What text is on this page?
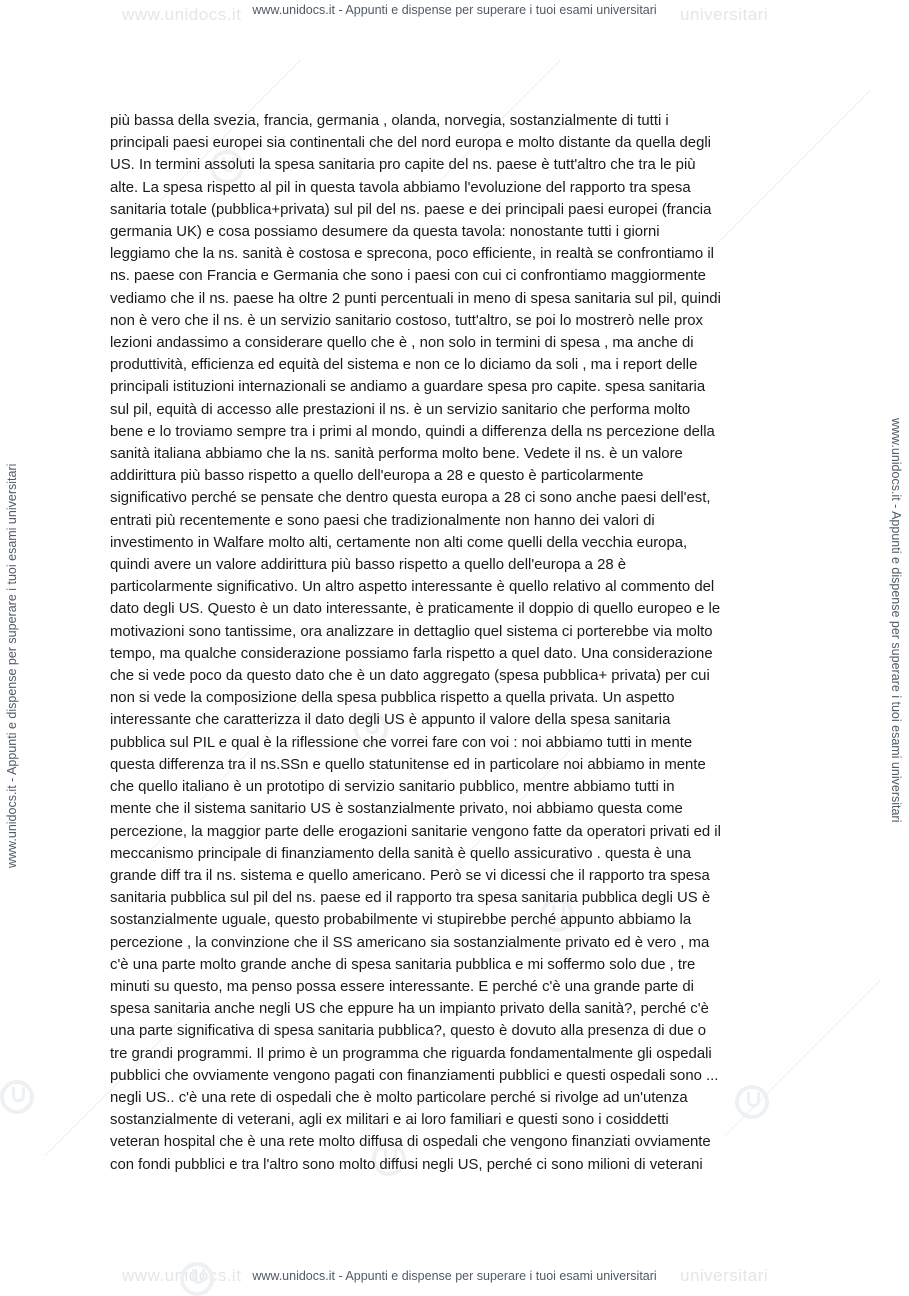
www.unidocs.it	universitari
www.unidocs.it	universitari
www.unidocs.it - Appunti e dispense per superare i tuoi esami universitari
www.unidocs.it - Appunti e dispense per superare i tuoi esami universitari
www.unidocs.it - Appunti e dispense per superare i tuoi esami universitari	www.unidocs.it - Appunti e dispense per superare i tuoi esami universitari

più bassa della svezia, francia, germania , olanda, norvegia, sostanzialmente di tutti i
principali paesi europei sia continentali che del nord europa e molto distante da quella degli
US. In termini assoluti la spesa sanitaria pro capite del ns. paese è tutt'altro che tra le più
alte. La spesa rispetto al pil in questa tavola abbiamo l'evoluzione del rapporto tra spesa
sanitaria totale (pubblica+privata) sul pil del ns. paese e dei principali paesi europei (francia
germania UK) e cosa possiamo desumere da questa tavola: nonostante tutti i giorni
leggiamo che la ns. sanità è costosa e sprecona, poco efficiente, in realtà se confrontiamo il
ns. paese con Francia e Germania che sono i paesi con cui ci confrontiamo maggiormente
vediamo che il ns. paese ha oltre 2 punti percentuali in meno di spesa sanitaria sul pil, quindi
non è vero che il ns. è un servizio sanitario costoso, tutt'altro, se poi lo mostrerò nelle prox
lezioni andassimo a considerare quello che è , non solo in termini di spesa , ma anche di
produttività, efficienza ed equità del sistema e non ce lo diciamo da soli , ma i report delle
principali istituzioni internazionali se andiamo a guardare spesa pro capite. spesa sanitaria
sul pil, equità di accesso alle prestazioni il ns. è un servizio sanitario che performa molto
bene e lo troviamo sempre tra i primi al mondo, quindi a differenza della ns percezione della
sanità italiana abbiamo che la ns. sanità performa molto bene. Vedete il ns. è un valore
addirittura più basso rispetto a quello dell'europa a 28 e questo è particolarmente
significativo perché se pensate che dentro questa europa a 28 ci sono anche paesi dell'est,
entrati più recentemente e sono paesi che tradizionalmente non hanno dei valori di
investimento in Walfare molto alti, certamente non alti come quelli della vecchia europa,
quindi avere un valore addirittura più basso rispetto a quello dell'europa a 28 è
particolarmente significativo. Un altro aspetto interessante è quello relativo al commento del
dato degli US. Questo è un dato interessante, è praticamente il doppio di quello europeo e le
motivazioni sono tantissime, ora analizzare in dettaglio quel sistema ci porterebbe via molto
tempo, ma qualche considerazione possiamo farla rispetto a quel dato. Una considerazione
che si vede poco da questo dato che è un dato aggregato (spesa pubblica+ privata) per cui
non si vede la composizione della spesa pubblica rispetto a quella privata. Un aspetto
interessante che caratterizza il dato degli US è appunto il valore della spesa sanitaria
pubblica sul PIL e qual è la riflessione che vorrei fare con voi : noi abbiamo tutti in mente
questa differenza tra il ns.SSn e quello statunitense ed in particolare noi abbiamo in mente
che quello italiano è un prototipo di servizio sanitario pubblico, mentre abbiamo tutti in
mente che il sistema sanitario US è sostanzialmente privato, noi abbiamo questa come
percezione, la maggior parte delle erogazioni sanitarie vengono fatte da operatori privati ed il
meccanismo principale di finanziamento della sanità è quello assicurativo . questa è una
grande diff tra il ns. sistema e quello americano. Però se vi dicessi che il rapporto tra spesa
sanitaria pubblica sul pil del ns. paese ed il rapporto tra spesa sanitaria pubblica degli US è
sostanzialmente uguale, questo probabilmente vi stupirebbe perché appunto abbiamo la
percezione , la convinzione che il SS americano sia sostanzialmente privato ed è vero , ma
c'è una parte molto grande anche di spesa sanitaria pubblica e mi soffermo solo due , tre
minuti su questo, ma penso possa essere interessante. E perché c'è una grande parte di
spesa sanitaria anche negli US che eppure ha un impianto privato della sanità?, perché c'è
una parte significativa di spesa sanitaria pubblica?, questo è dovuto alla presenza di due o
tre grandi programmi. Il primo è un programma che riguarda fondamentalmente gli ospedali
pubblici che ovviamente vengono pagati con finanziamenti pubblici e questi ospedali sono ...
negli US.. c'è una rete di ospedali che è molto particolare perché si rivolge ad un'utenza
sostanzialmente di veterani, agli ex militari e ai loro familiari e questi sono i cosiddetti
veteran hospital che è una rete molto diffusa di ospedali che vengono finanziati ovviamente
con fondi pubblici e tra l'altro sono molto diffusi negli US, perché ci sono milioni di veterani
